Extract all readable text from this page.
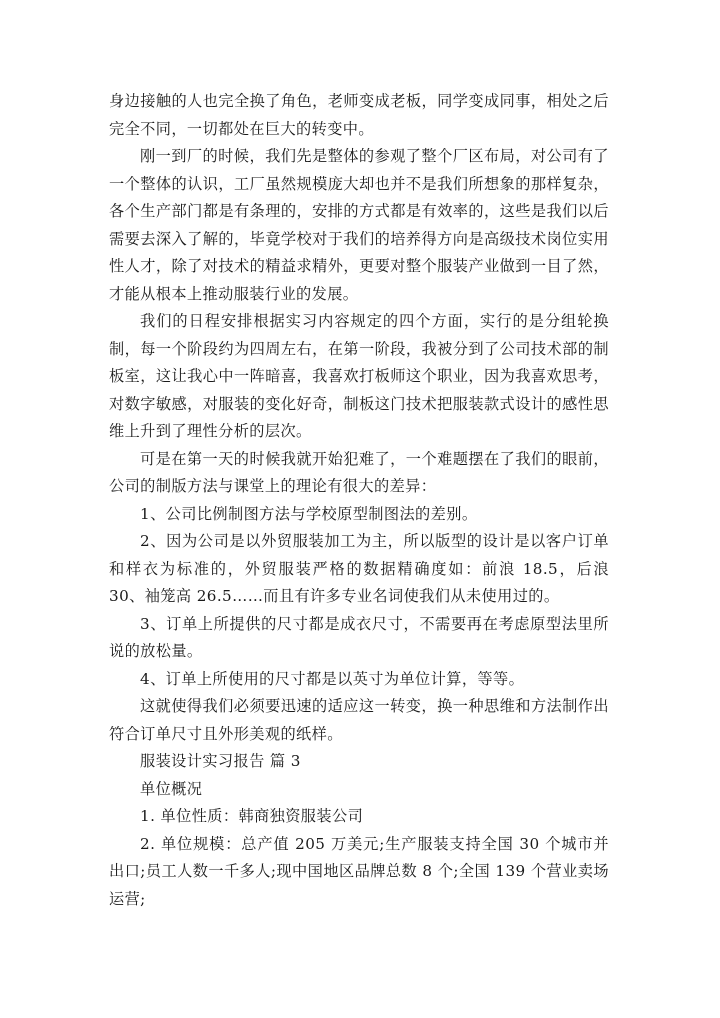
身边接触的人也完全换了角色，老师变成老板，同学变成同事，相处之后完全不同，一切都处在巨大的转变中。

刚一到厂的时候，我们先是整体的参观了整个厂区布局，对公司有了一个整体的认识，工厂虽然规模庞大却也并不是我们所想象的那样复杂，各个生产部门都是有条理的，安排的方式都是有效率的，这些是我们以后需要去深入了解的，毕竟学校对于我们的培养得方向是高级技术岗位实用性人才，除了对技术的精益求精外，更要对整个服装产业做到一目了然，才能从根本上推动服装行业的发展。

我们的日程安排根据实习内容规定的四个方面，实行的是分组轮换制，每一个阶段约为四周左右，在第一阶段，我被分到了公司技术部的制板室，这让我心中一阵暗喜，我喜欢打板师这个职业，因为我喜欢思考，对数字敏感，对服装的变化好奇，制板这门技术把服装款式设计的感性思维上升到了理性分析的层次。

可是在第一天的时候我就开始犯难了，一个难题摆在了我们的眼前，公司的制版方法与课堂上的理论有很大的差异：

1、公司比例制图方法与学校原型制图法的差别。

2、因为公司是以外贸服装加工为主，所以版型的设计是以客户订单和样衣为标准的，外贸服装严格的数据精确度如：前浪 18.5，后浪 30、袖笼高 26.5……而且有许多专业名词使我们从未使用过的。

3、订单上所提供的尺寸都是成衣尺寸，不需要再在考虑原型法里所说的放松量。

4、订单上所使用的尺寸都是以英寸为单位计算，等等。

这就使得我们必须要迅速的适应这一转变，换一种思维和方法制作出符合订单尺寸且外形美观的纸样。

服装设计实习报告 篇 3

单位概况

1. 单位性质：韩商独资服装公司

2. 单位规模：总产值 205 万美元;生产服装支持全国 30 个城市并出口;员工人数一千多人;现中国地区品牌总数 8 个;全国 139 个营业卖场运营;
